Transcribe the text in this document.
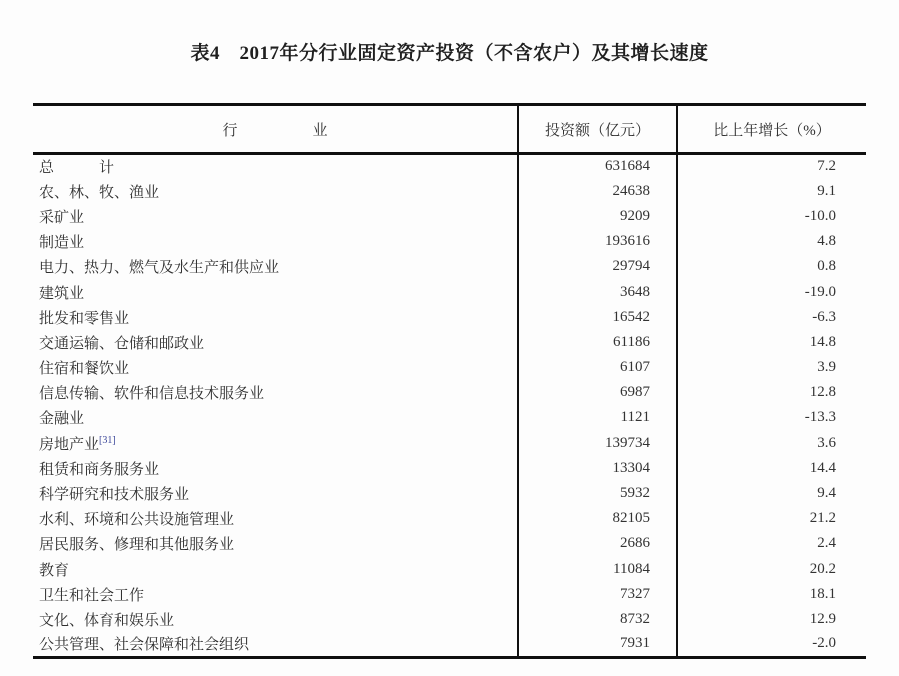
表4　2017年分行业固定资产投资（不含农户）及其增长速度
行　　　　　业	投资额（亿元）	比上年增长（%）
总　　　计	631684	7.2
农、林、牧、渔业	24638	9.1
采矿业	9209	-10.0
制造业	193616	4.8
电力、热力、燃气及水生产和供应业	29794	0.8
建筑业	3648	-19.0
批发和零售业	16542	-6.3
交通运输、仓储和邮政业	61186	14.8
住宿和餐饮业	6107	3.9
信息传输、软件和信息技术服务业	6987	12.8
金融业	1121	-13.3
房地产业[31]	139734	3.6
租赁和商务服务业	13304	14.4
科学研究和技术服务业	5932	9.4
水利、环境和公共设施管理业	82105	21.2
居民服务、修理和其他服务业	2686	2.4
教育	11084	20.2
卫生和社会工作	7327	18.1
文化、体育和娱乐业	8732	12.9
公共管理、社会保障和社会组织	7931	-2.0
